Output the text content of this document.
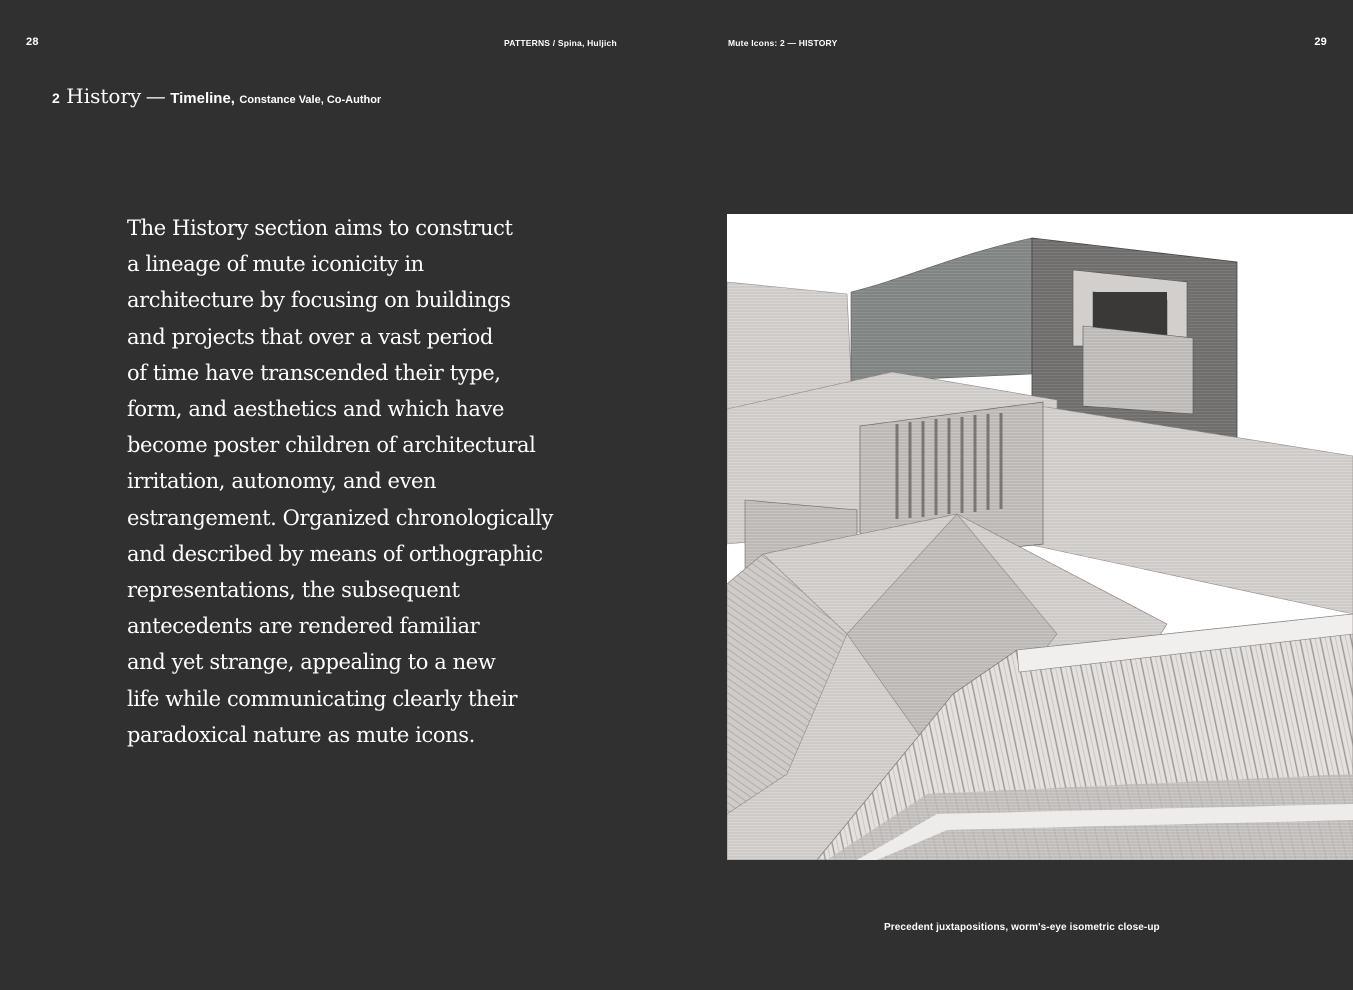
28	PATTERNS / Spina, Huljich	Mute Icons: 2 — HISTORY	29
2 History — Timeline, Constance Vale, Co-Author

The History section aims to construct
a lineage of mute iconicity in
architecture by focusing on buildings
and projects that over a vast period
of time have transcended their type,
form, and aesthetics and which have
become poster children of architectural
irritation, autonomy, and even
estrangement. Organized chronologically
and described by means of orthographic
representations, the subsequent
antecedents are rendered familiar
and yet strange, appealing to a new
life while communicating clearly their
paradoxical nature as mute icons.

Precedent juxtapositions, worm's-eye isometric close-up
